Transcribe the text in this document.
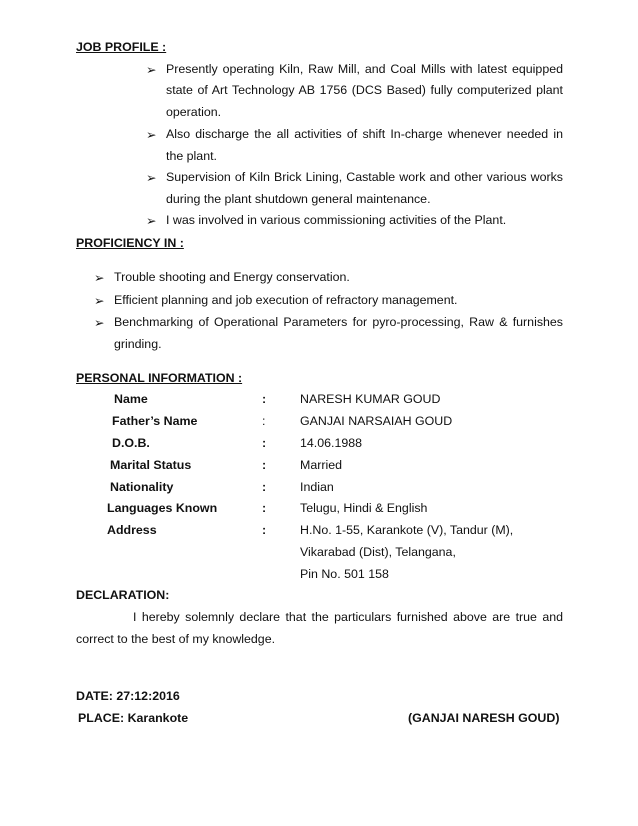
JOB PROFILE :
➢ Presently operating Kiln, Raw Mill, and Coal Mills with latest equipped
state of Art Technology AB 1756 (DCS Based) fully computerized plant
operation.
➢ Also discharge the all activities of shift In-charge whenever needed in
the plant.
➢ Supervision of Kiln Brick Lining, Castable work and other various works
during the plant shutdown general maintenance.
➢ I was involved in various commissioning activities of the Plant.
PROFICIENCY IN :
➢ Trouble shooting and Energy conservation.
➢ Efficient planning and job execution of refractory management.
➢ Benchmarking of Operational Parameters for pyro-processing, Raw & furnishes
grinding.
PERSONAL INFORMATION :
Name	:	NARESH KUMAR GOUD
Father’s Name	:	GANJAI NARSAIAH GOUD
D.O.B.	:	14.06.1988
Marital Status	:	Married
Nationality	:	Indian
Languages Known	:	Telugu, Hindi & English
Address	:	H.No. 1-55, Karankote (V), Tandur (M),
Vikarabad (Dist), Telangana,
Pin No. 501 158
DECLARATION:
I hereby solemnly declare that the particulars furnished above are true and
correct to the best of my knowledge.
DATE: 27:12:2016
PLACE: Karankote	(GANJAI NARESH GOUD)
